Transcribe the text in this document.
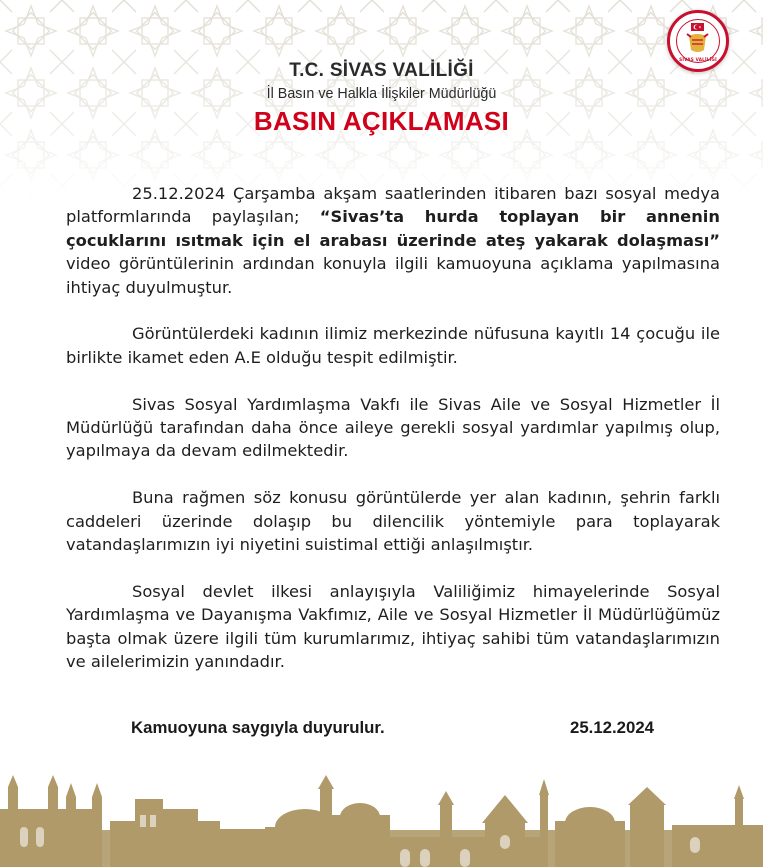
SİVAS VALİLİĞİ
T.C. SİVAS VALİLİĞİ
İl Basın ve Halkla İlişkiler Müdürlüğü
BASIN AÇIKLAMASI

25.12.2024 Çarşamba akşam saatlerinden itibaren bazı sosyal medya platformlarında paylaşılan; “Sivas’ta hurda toplayan bir annenin çocuklarını ısıtmak için el arabası üzerinde ateş yakarak dolaşması” video görüntülerinin ardından konuyla ilgili kamuoyuna açıklama yapılmasına ihtiyaç duyulmuştur.

Görüntülerdeki kadının ilimiz merkezinde nüfusuna kayıtlı 14 çocuğu ile birlikte ikamet eden A.E olduğu tespit edilmiştir.

Sivas Sosyal Yardımlaşma Vakfı ile Sivas Aile ve Sosyal Hizmetler İl Müdürlüğü tarafından daha önce aileye gerekli sosyal yardımlar yapılmış olup, yapılmaya da devam edilmektedir.

Buna rağmen söz konusu görüntülerde yer alan kadının, şehrin farklı caddeleri üzerinde dolaşıp bu dilencilik yöntemiyle para toplayarak vatandaşlarımızın iyi niyetini suistimal ettiği anlaşılmıştır.

Sosyal devlet ilkesi anlayışıyla Valiliğimiz himayelerinde Sosyal Yardımlaşma ve Dayanışma Vakfımız, Aile ve Sosyal Hizmetler İl Müdürlüğümüz başta olmak üzere ilgili tüm kurumlarımız, ihtiyaç sahibi tüm vatandaşlarımızın ve ailelerimizin yanındadır.

Kamuoyuna saygıyla duyurulur.	25.12.2024
